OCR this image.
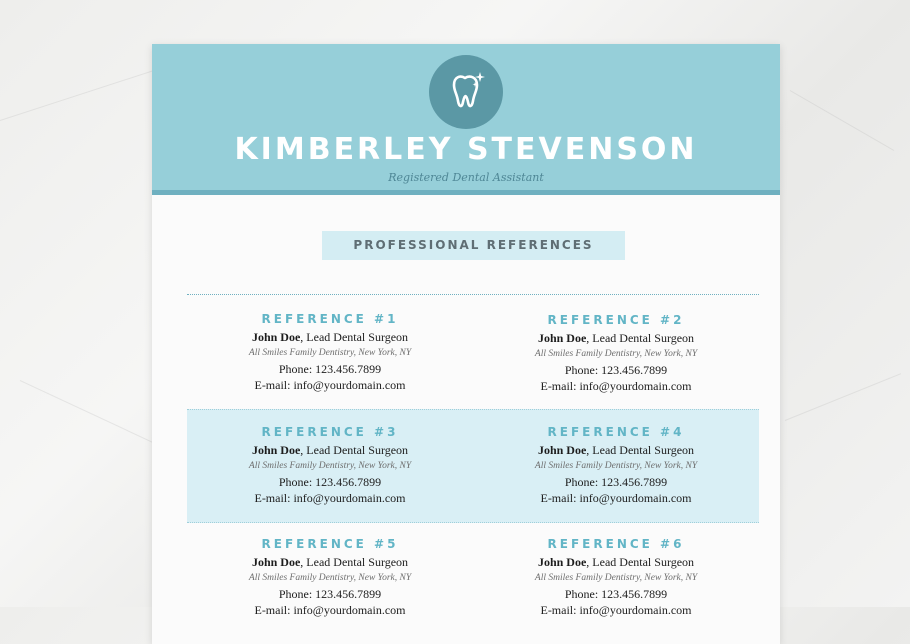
KIMBERLEY STEVENSON
Registered Dental Assistant
PROFESSIONAL REFERENCES
REFERENCE #1
John Doe, Lead Dental Surgeon
All Smiles Family Dentistry, New York, NY
Phone: 123.456.7899
E-mail: info@yourdomain.com
REFERENCE #2
John Doe, Lead Dental Surgeon
All Smiles Family Dentistry, New York, NY
Phone: 123.456.7899
E-mail: info@yourdomain.com
REFERENCE #3
John Doe, Lead Dental Surgeon
All Smiles Family Dentistry, New York, NY
Phone: 123.456.7899
E-mail: info@yourdomain.com
REFERENCE #4
John Doe, Lead Dental Surgeon
All Smiles Family Dentistry, New York, NY
Phone: 123.456.7899
E-mail: info@yourdomain.com
REFERENCE #5
John Doe, Lead Dental Surgeon
All Smiles Family Dentistry, New York, NY
Phone: 123.456.7899
E-mail: info@yourdomain.com
REFERENCE #6
John Doe, Lead Dental Surgeon
All Smiles Family Dentistry, New York, NY
Phone: 123.456.7899
E-mail: info@yourdomain.com
